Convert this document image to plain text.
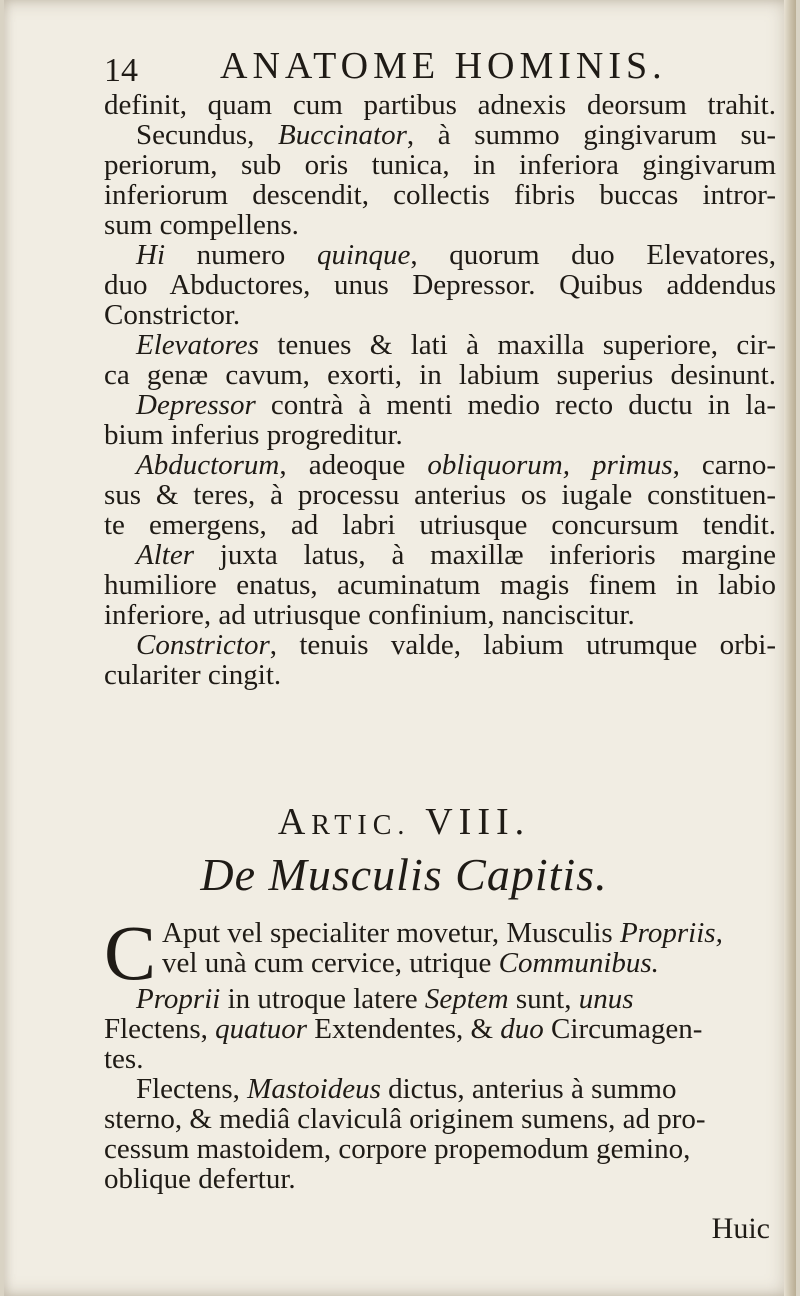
14 ANATOME HOMINIS.
definit, quam cum partibus adnexis deorsum trahit.
Secundus, Buccinator, à summo gingivarum su-
periorum, sub oris tunica, in inferiora gingivarum
inferiorum descendit, collectis fibris buccas intror-
sum compellens.
Hi numero quinque, quorum duo Elevatores,
duo Abductores, unus Depressor. Quibus addendus
Constrictor.
Elevatores tenues & lati à maxilla superiore, cir-
ca genæ cavum, exorti, in labium superius desinunt.
Depressor contrà à menti medio recto ductu in la-
bium inferius progreditur.
Abductorum, adeoque obliquorum, primus, carno-
sus & teres, à processu anterius os iugale constituen-
te emergens, ad labri utriusque concursum tendit.
Alter juxta latus, à maxillæ inferioris margine
humiliore enatus, acuminatum magis finem in labio
inferiore, ad utriusque confinium, nanciscitur.
Constrictor, tenuis valde, labium utrumque orbi-
culariter cingit.
ARTIC. VIII.
De Musculis Capitis.
C Aput vel specialiter movetur, Musculis Propriis,
vel unà cum cervice, utrique Communibus.
Proprii in utroque latere Septem sunt, unus
Flectens, quatuor Extendentes, & duo Circumagen-
tes.
Flectens, Mastoideus dictus, anterius à summo
sterno, & mediâ claviculâ originem sumens, ad pro-
cessum mastoidem, corpore propemodum gemino,
oblique defertur.
Huic
